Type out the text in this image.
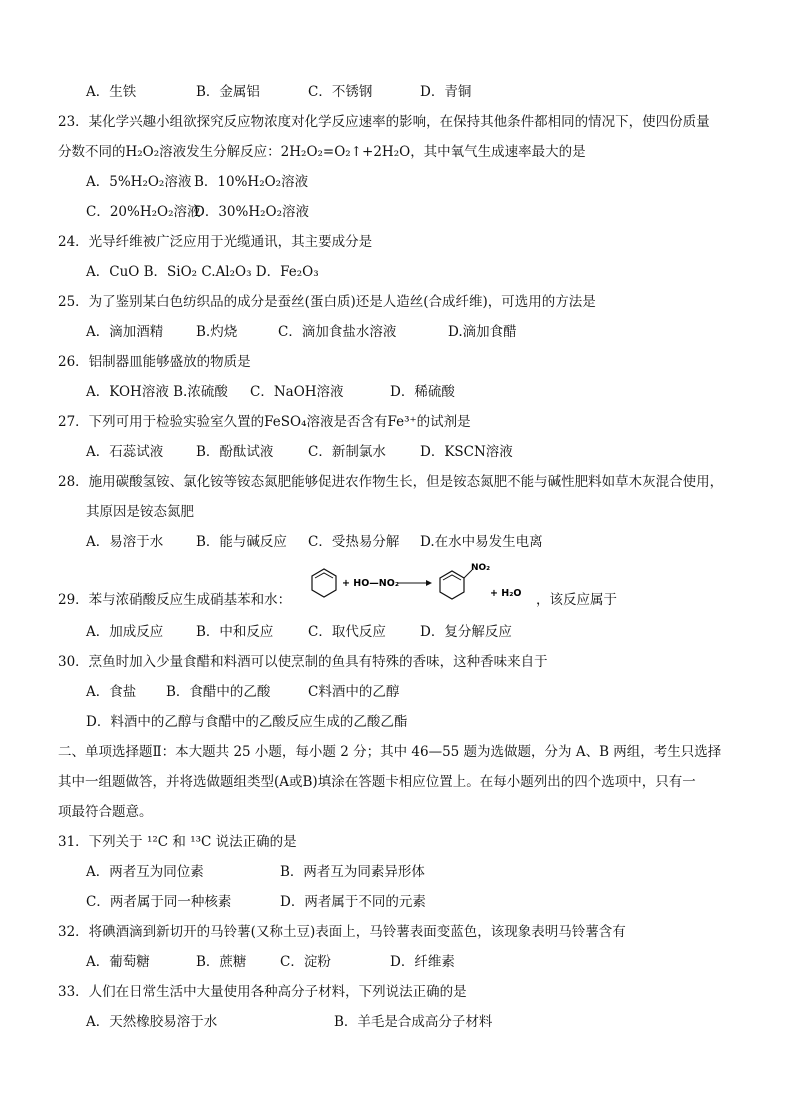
A．生铁	B．金属铝	C．不锈钢	D．青铜
23．某化学兴趣小组欲探究反应物浓度对化学反应速率的影响，在保持其他条件都相同的情况下，使四份质量
分数不同的H₂O₂溶液发生分解反应：2H₂O₂=O₂↑+2H₂O，其中氧气生成速率最大的是
A．5%H₂O₂溶液 B．10%H₂O₂溶液
C．20%H₂O₂溶液
D．30%H₂O₂溶液
24．光导纤维被广泛应用于光缆通讯，其主要成分是
A．CuO B．SiO₂ C.Al₂O₃ D．Fe₂O₃
25．为了鉴别某白色纺织品的成分是蚕丝(蛋白质)还是人造丝(合成纤维)，可选用的方法是
A．滴加酒精 B.灼烧	C．滴加食盐水溶液	D.滴加食醋
26．铝制器皿能够盛放的物质是
A．KOH溶液 B.浓硫酸 C．NaOH溶液	D．稀硫酸
27．下列可用于检验实验室久置的FeSO₄溶液是否含有Fe³⁺的试剂是
A．石蕊试液 B．酚酞试液	C．新制氯水	D．KSCN溶液
28．施用碳酸氢铵、氯化铵等铵态氮肥能够促进农作物生长，但是铵态氮肥不能与碱性肥料如草木灰混合使用，
其原因是铵态氮肥
A．易溶于水 B．能与碱反应 C．受热易分解 D.在水中易发生电离
29．苯与浓硝酸反应生成硝基苯和水：
+ HO—NO₂
NO₂
+ H₂O ，该反应属于
A．加成反应 B．中和反应	C．取代反应	D．复分解反应
30．烹鱼时加入少量食醋和料酒可以使烹制的鱼具有特殊的香味，这种香味来自于
A．食盐 B．食醋中的乙酸	C料酒中的乙醇
D．料酒中的乙醇与食醋中的乙酸反应生成的乙酸乙酯
二、单项选择题Ⅱ：本大题共 25 小题，每小题 2 分；其中 46—55 题为选做题，分为 A、B 两组，考生只选择
其中一组题做答，并将选做题组类型(A或B)填涂在答题卡相应位置上。在每小题列出的四个选项中，只有一
项最符合题意。
31．下列关于 ¹²C 和 ¹³C 说法正确的是
A．两者互为同位素	B．两者互为同素异形体
C．两者属于同一种核素	D．两者属于不同的元素
32．将碘酒滴到新切开的马铃薯(又称土豆)表面上，马铃薯表面变蓝色，该现象表明马铃薯含有
A．葡萄糖	B．蔗糖 C．淀粉	D．纤维素
33．人们在日常生活中大量使用各种高分子材料，下列说法正确的是
A．天然橡胶易溶于水	B．羊毛是合成高分子材料
